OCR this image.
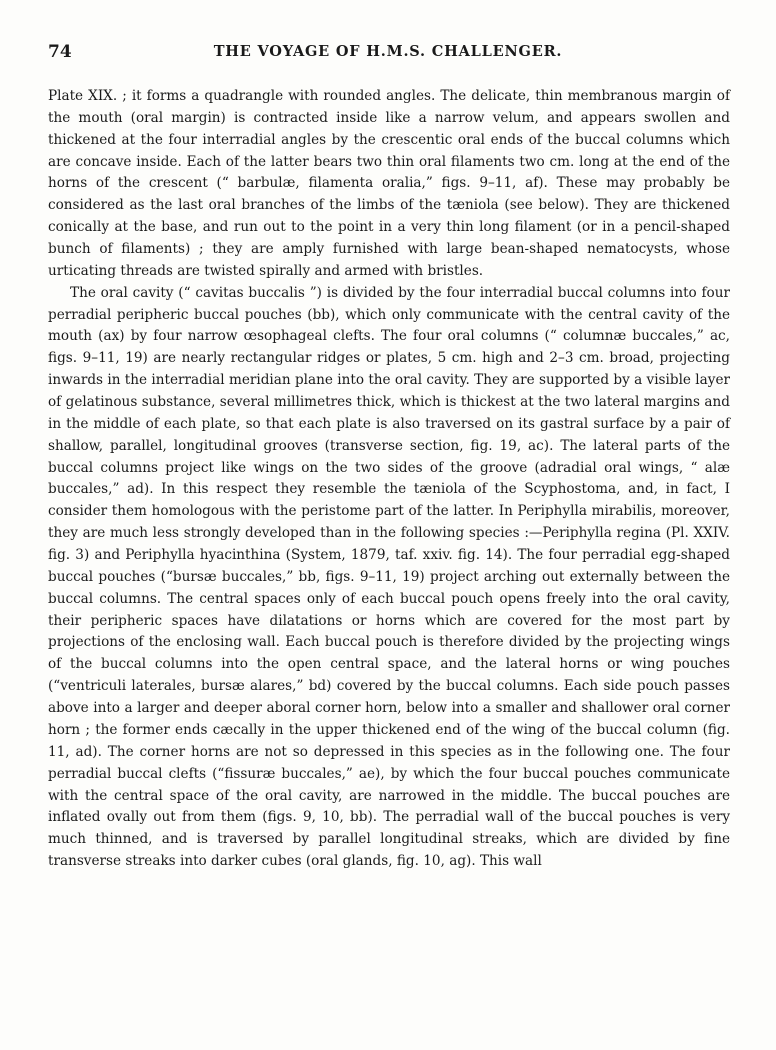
74	THE VOYAGE OF H.M.S. CHALLENGER.

Plate XIX. ; it forms a quadrangle with rounded angles. The delicate, thin membranous margin of the mouth (oral margin) is contracted inside like a narrow velum, and appears swollen and thickened at the four interradial angles by the crescentic oral ends of the buccal columns which are concave inside. Each of the latter bears two thin oral filaments two cm. long at the end of the horns of the crescent (“ barbulæ, filamenta oralia,” figs. 9–11, af). These may probably be considered as the last oral branches of the limbs of the tæniola (see below). They are thickened conically at the base, and run out to the point in a very thin long filament (or in a pencil-shaped bunch of filaments) ; they are amply furnished with large bean-shaped nematocysts, whose urticating threads are twisted spirally and armed with bristles.

The oral cavity (“ cavitas buccalis ”) is divided by the four interradial buccal columns into four perradial peripheric buccal pouches (bb), which only communicate with the central cavity of the mouth (ax) by four narrow œsophageal clefts. The four oral columns (“ columnæ buccales,” ac, figs. 9–11, 19) are nearly rectangular ridges or plates, 5 cm. high and 2–3 cm. broad, projecting inwards in the interradial meridian plane into the oral cavity. They are supported by a visible layer of gelatinous substance, several millimetres thick, which is thickest at the two lateral margins and in the middle of each plate, so that each plate is also traversed on its gastral surface by a pair of shallow, parallel, longitudinal grooves (transverse section, fig. 19, ac). The lateral parts of the buccal columns project like wings on the two sides of the groove (adradial oral wings, “ alæ buccales,” ad). In this respect they resemble the tæniola of the Scyphostoma, and, in fact, I consider them homologous with the peristome part of the latter. In Periphylla mirabilis, moreover, they are much less strongly developed than in the following species :—Periphylla regina (Pl. XXIV. fig. 3) and Periphylla hyacinthina (System, 1879, taf. xxiv. fig. 14). The four perradial egg-shaped buccal pouches (“bursæ buccales,” bb, figs. 9–11, 19) project arching out externally between the buccal columns. The central spaces only of each buccal pouch opens freely into the oral cavity, their peripheric spaces have dilatations or horns which are covered for the most part by projections of the enclosing wall. Each buccal pouch is therefore divided by the projecting wings of the buccal columns into the open central space, and the lateral horns or wing pouches (“ventriculi laterales, bursæ alares,” bd) covered by the buccal columns. Each side pouch passes above into a larger and deeper aboral corner horn, below into a smaller and shallower oral corner horn ; the former ends cæcally in the upper thickened end of the wing of the buccal column (fig. 11, ad). The corner horns are not so depressed in this species as in the following one. The four perradial buccal clefts (“fissuræ buccales,” ae), by which the four buccal pouches communicate with the central space of the oral cavity, are narrowed in the middle. The buccal pouches are inflated ovally out from them (figs. 9, 10, bb). The perradial wall of the buccal pouches is very much thinned, and is traversed by parallel longitudinal streaks, which are divided by fine transverse streaks into darker cubes (oral glands, fig. 10, ag). This wall
